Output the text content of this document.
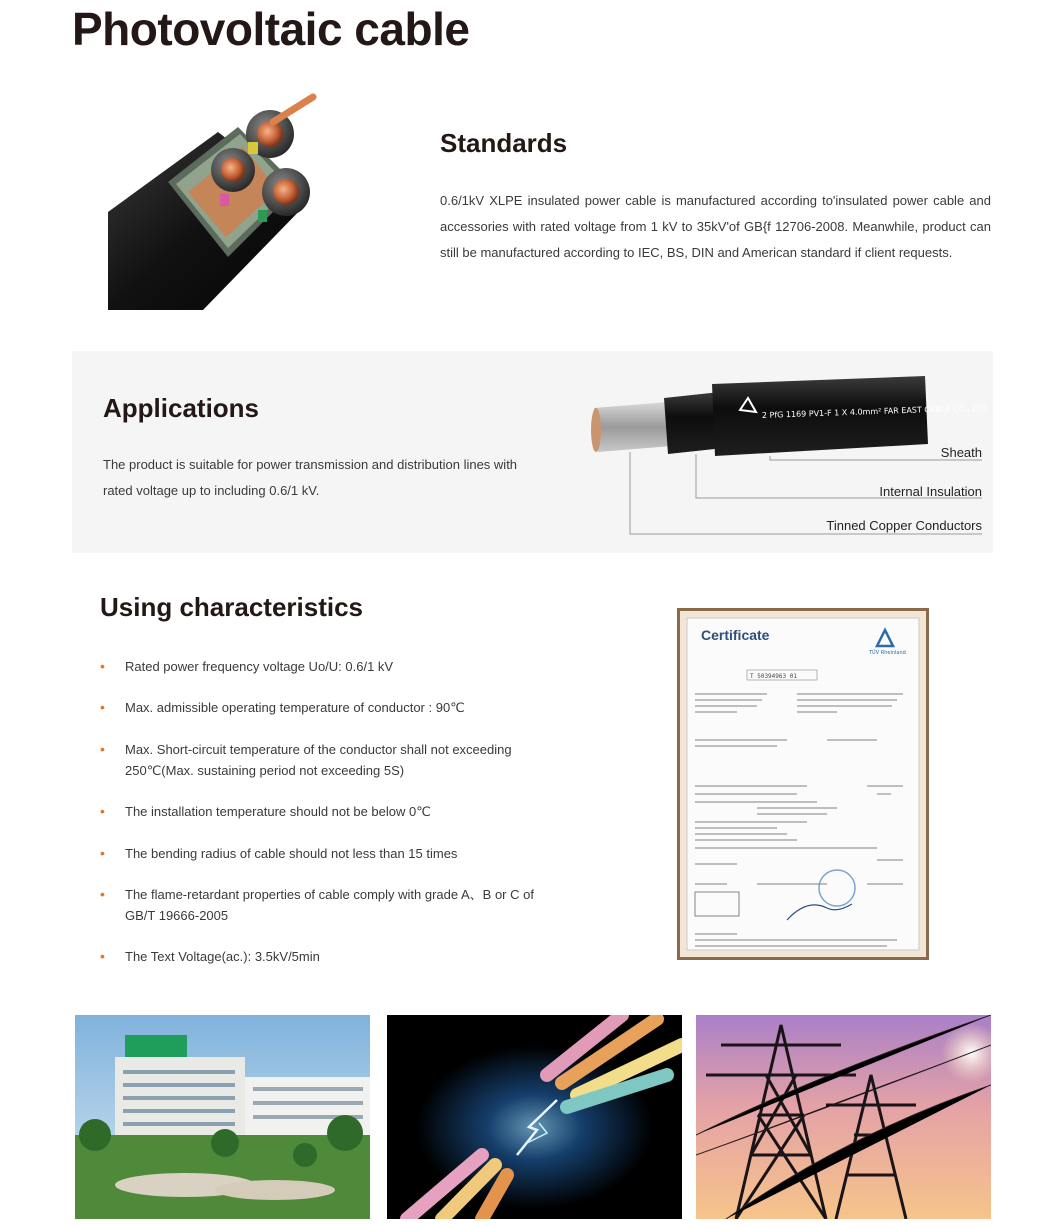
Photovoltaic cable
Standards
0.6/1kV XLPE insulated power cable is manufactured according to'insulated power cable and accessories with rated voltage from 1 kV to 35kV'of GB{f 12706-2008. Meanwhile, product can still be manufactured according to IEC, BS, DIN and American standard if client requests.
Applications
The product is suitable for power transmission and distribution lines with rated voltage up to including 0.6/1 kV.
2 PfG 1169 PV1-F 1 X 4.0mm² FAR EAST CABLE CO., LTD.
Sheath
Internal Insulation
Tinned Copper Conductors
Using characteristics
• Rated power frequency voltage Uo/U: 0.6/1 kV
• Max. admissible operating temperature of conductor : 90℃
• Max. Short-circuit temperature of the conductor shall not exceeding 250℃(Max. sustaining period not exceeding 5S)
• The installation temperature should not be below 0℃
• The bending radius of cable should not less than 15 times
• The flame-retardant properties of cable comply with grade A、B or C of GB/T 19666-2005
• The Text Voltage(ac.): 3.5kV/5min
Certificate
TÜV Rheinland
T 50394963 01
